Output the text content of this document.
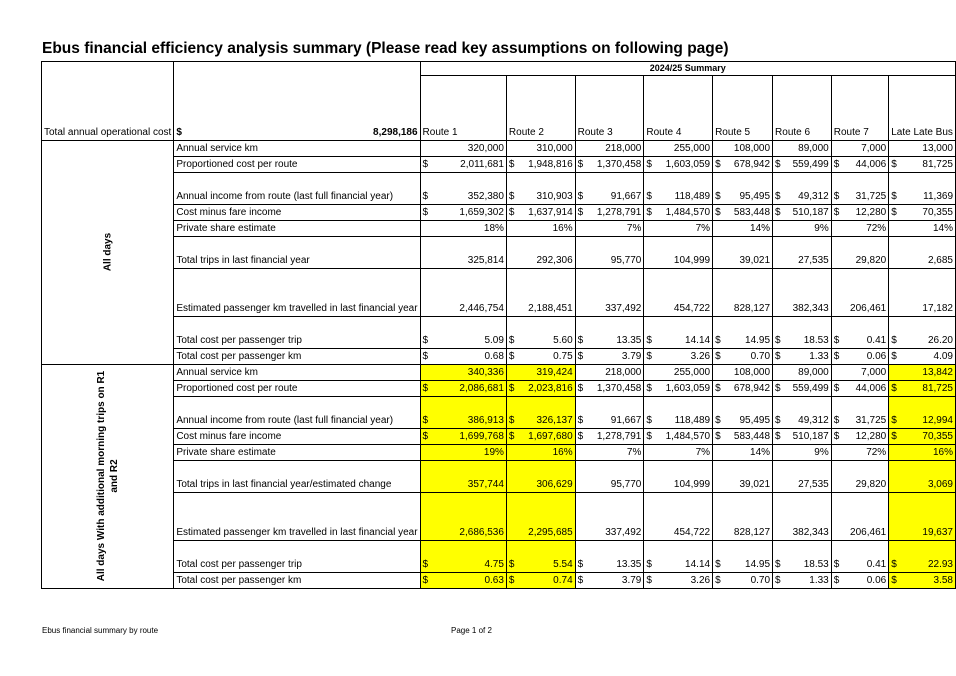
Ebus financial efficiency analysis summary (Please read key assumptions on following page)
		2024/25 Summary							
Total annual operational cost	$ 8,298,186	Route 1	Route 2	Route 3	Route 4	Route 5	Route 6	Route 7	Late Late Bus

All days	Annual service km	320,000	310,000	218,000	255,000	108,000	89,000	7,000	13,000
	Proportioned cost per route	$ 2,011,681	$ 1,948,816	$ 1,370,458	$ 1,603,059	$ 678,942	$ 559,499	$ 44,006	$ 81,725
	Annual income from route (last full financial year)	$ 352,380	$ 310,903	$ 91,667	$ 118,489	$ 95,495	$ 49,312	$ 31,725	$ 11,369
	Cost minus fare income	$ 1,659,302	$ 1,637,914	$ 1,278,791	$ 1,484,570	$ 583,448	$ 510,187	$ 12,280	$ 70,355
	Private share estimate	18%	16%	7%	7%	14%	9%	72%	14%
	Total trips in last financial year	325,814	292,306	95,770	104,999	39,021	27,535	29,820	2,685
	Estimated passenger km travelled in last financial year	2,446,754	2,188,451	337,492	454,722	828,127	382,343	206,461	17,182
	Total cost per passenger trip	$ 5.09	$ 5.60	$ 13.35	$ 14.14	$ 14.95	$ 18.53	$ 0.41	$ 26.20
	Total cost per passenger km	$ 0.68	$ 0.75	$ 3.79	$ 3.26	$ 0.70	$ 1.33	$ 0.06	$ 4.09

All days With additional morning trips on R1 and R2	Annual service km	340,336	319,424	218,000	255,000	108,000	89,000	7,000	13,842
	Proportioned cost per route	$ 2,086,681	$ 2,023,816	$ 1,370,458	$ 1,603,059	$ 678,942	$ 559,499	$ 44,006	$ 81,725
	Annual income from route (last full financial year)	$ 386,913	$ 326,137	$ 91,667	$ 118,489	$ 95,495	$ 49,312	$ 31,725	$ 12,994
	Cost minus fare income	$ 1,699,768	$ 1,697,680	$ 1,278,791	$ 1,484,570	$ 583,448	$ 510,187	$ 12,280	$ 70,355
	Private share estimate	19%	16%	7%	7%	14%	9%	72%	16%
	Total trips in last financial year/estimated change	357,744	306,629	95,770	104,999	39,021	27,535	29,820	3,069
	Estimated passenger km travelled in last financial year	2,686,536	2,295,685	337,492	454,722	828,127	382,343	206,461	19,637
	Total cost per passenger trip	$ 4.75	$ 5.54	$ 13.35	$ 14.14	$ 14.95	$ 18.53	$ 0.41	$ 22.93
	Total cost per passenger km	$ 0.63	$ 0.74	$ 3.79	$ 3.26	$ 0.70	$ 1.33	$ 0.06	$ 3.58
Ebus financial summary by route	Page 1 of 2
